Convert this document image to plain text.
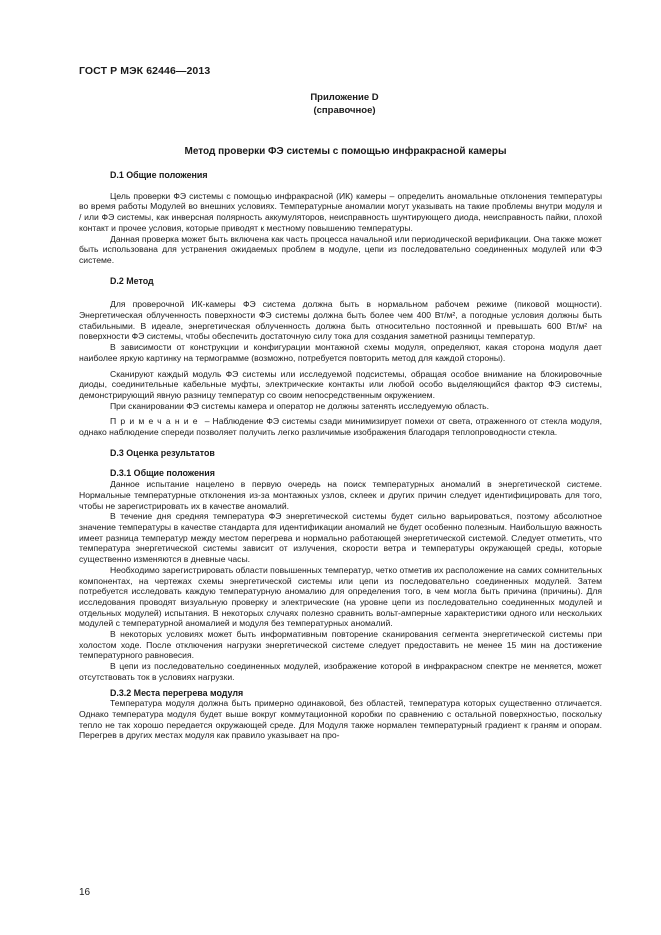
ГОСТ Р МЭК 62446—2013
Приложение D
(справочное)
Метод проверки ФЭ системы с помощью инфракрасной камеры

D.1 Общие положения

Цель проверки ФЭ системы с помощью инфракрасной (ИК) камеры – определить аномальные отклонения температуры во время работы Модулей во внешних условиях. Температурные аномалии могут указывать на такие проблемы внутри модуля и / или ФЭ системы, как инверсная полярность аккумуляторов, неисправность шунтирующего диода, неисправность пайки, плохой контакт и прочее условия, которые приводят к местному повышению температуры.

Данная проверка может быть включена как часть процесса начальной или периодической верификации. Она также может быть использована для устранения ожидаемых проблем в модуле, цепи из последовательно соединенных модулей или ФЭ системе.

D.2 Метод

Для проверочной ИК-камеры ФЭ система должна быть в нормальном рабочем режиме (пиковой мощности). Энергетическая облученность поверхности ФЭ системы должна быть более чем 400 Вт/м², а погодные условия должны быть стабильными. В идеале, энергетическая облученность должна быть относительно постоянной и превышать 600 Вт/м² на поверхности ФЭ системы, чтобы обеспечить достаточную силу тока для создания заметной разницы температур.

В зависимости от конструкции и конфигурации монтажной схемы модуля, определяют, какая сторона модуля дает наиболее яркую картинку на термограмме (возможно, потребуется повторить метод для каждой стороны).

Сканируют каждый модуль ФЭ системы или исследуемой подсистемы, обращая особое внимание на блокировочные диоды, соединительные кабельные муфты, электрические контакты или любой особо выделяющийся фактор ФЭ системы, демонстрирующий явную разницу температур со своим непосредственным окружением.

При сканировании ФЭ системы камера и оператор не должны затенять исследуемую область.

Примечание – Наблюдение ФЭ системы сзади минимизирует помехи от света, отраженного от стекла модуля, однако наблюдение спереди позволяет получить легко различимые изображения благодаря теплопроводности стекла.

D.3 Оценка результатов

D.3.1 Общие положения

Данное испытание нацелено в первую очередь на поиск температурных аномалий в энергетической системе. Нормальные температурные отклонения из-за монтажных узлов, склеек и других причин следует идентифицировать для того, чтобы не зарегистрировать их в качестве аномалий.

В течение дня средняя температура ФЭ энергетической системы будет сильно варьироваться, поэтому абсолютное значение температуры в качестве стандарта для идентификации аномалий не будет особенно полезным. Наибольшую важность имеет разница температур между местом перегрева и нормально работающей энергетической системой. Следует отметить, что температура энергетической системы зависит от излучения, скорости ветра и температуры окружающей среды, которые существенно изменяются в дневные часы.

Необходимо зарегистрировать области повышенных температур, четко отметив их расположение на самих сомнительных компонентах, на чертежах схемы энергетической системы или цепи из последовательно соединенных модулей. Затем потребуется исследовать каждую температурную аномалию для определения того, в чем могла быть причина (причины). Для исследования проводят визуальную проверку и электрические (на уровне цепи из последовательно соединенных модулей и отдельных модулей) испытания. В некоторых случаях полезно сравнить вольт-амперные характеристики одного или нескольких модулей с температурной аномалией и модуля без температурных аномалий.

В некоторых условиях может быть информативным повторение сканирования сегмента энергетической системы при холостом ходе. После отключения нагрузки энергетической системе следует предоставить не менее 15 мин на достижение температурного равновесия.

В цепи из последовательно соединенных модулей, изображение которой в инфракрасном спектре не меняется, может отсутствовать ток в условиях нагрузки.

D.3.2 Места перегрева модуля

Температура модуля должна быть примерно одинаковой, без областей, температура которых существенно отличается. Однако температура модуля будет выше вокруг коммутационной коробки по сравнению с остальной поверхностью, поскольку тепло не так хорошо передается окружающей среде. Для Модуля также нормален температурный градиент к граням и опорам. Перегрев в других местах модуля как правило указывает на про-

16
